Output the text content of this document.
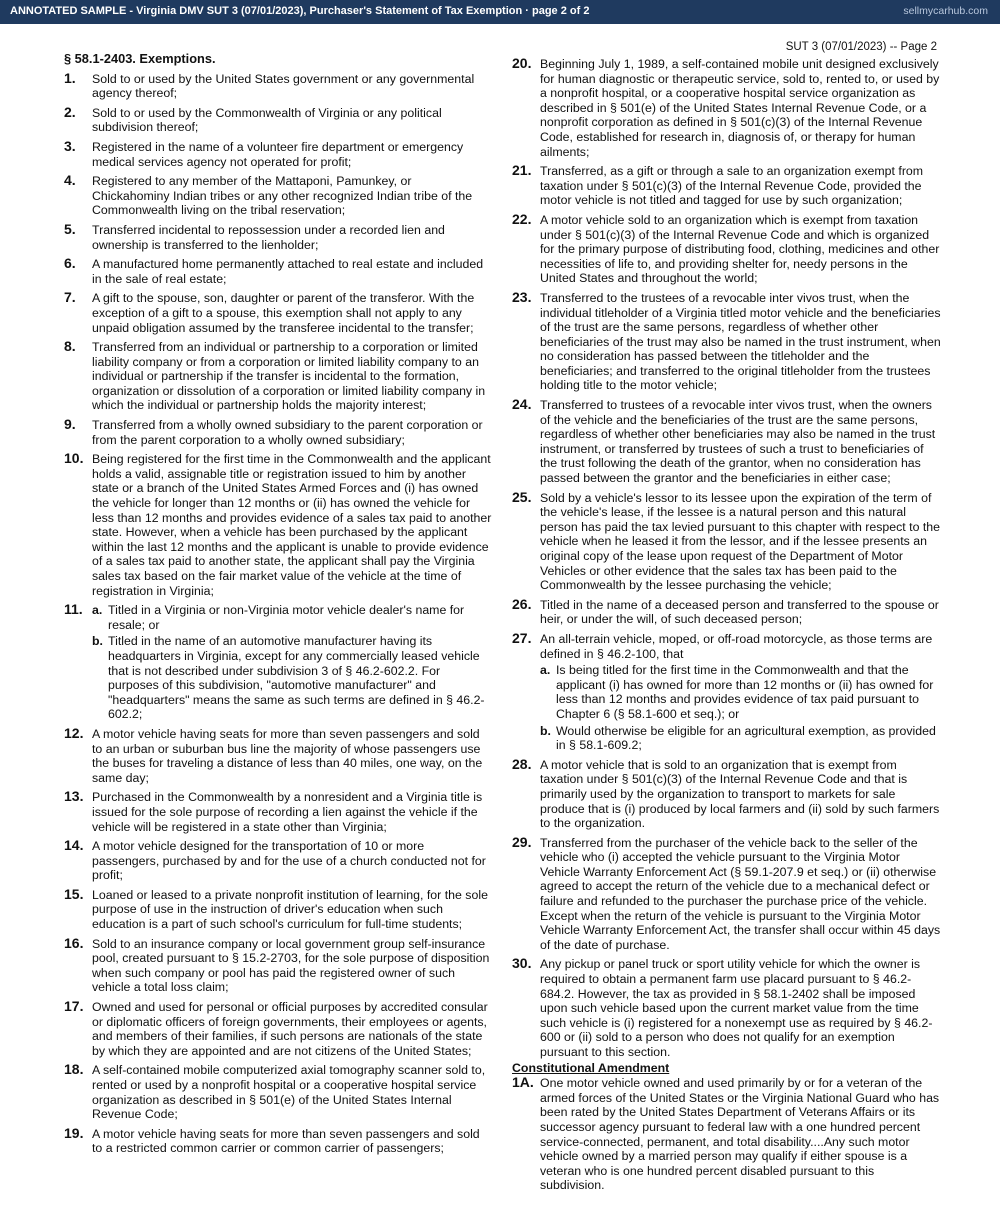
ANNOTATED SAMPLE - Virginia DMV SUT 3 (07/01/2023), Purchaser's Statement of Tax Exemption · page 2 of 2	sellmycarhub.com
SUT 3 (07/01/2023) -- Page 2
§ 58.1-2403. Exemptions.
1. Sold to or used by the United States government or any governmental agency thereof;
2. Sold to or used by the Commonwealth of Virginia or any political subdivision thereof;
3. Registered in the name of a volunteer fire department or emergency medical services agency not operated for profit;
4. Registered to any member of the Mattaponi, Pamunkey, or Chickahominy Indian tribes or any other recognized Indian tribe of the Commonwealth living on the tribal reservation;
5. Transferred incidental to repossession under a recorded lien and ownership is transferred to the lienholder;
6. A manufactured home permanently attached to real estate and included in the sale of real estate;
7. A gift to the spouse, son, daughter or parent of the transferor. With the exception of a gift to a spouse, this exemption shall not apply to any unpaid obligation assumed by the transferee incidental to the transfer;
8. Transferred from an individual or partnership to a corporation or limited liability company or from a corporation or limited liability company to an individual or partnership if the transfer is incidental to the formation, organization or dissolution of a corporation or limited liability company in which the individual or partnership holds the majority interest;
9. Transferred from a wholly owned subsidiary to the parent corporation or from the parent corporation to a wholly owned subsidiary;
10. Being registered for the first time in the Commonwealth and the applicant holds a valid, assignable title or registration issued to him by another state or a branch of the United States Armed Forces and (i) has owned the vehicle for longer than 12 months or (ii) has owned the vehicle for less than 12 months and provides evidence of a sales tax paid to another state. However, when a vehicle has been purchased by the applicant within the last 12 months and the applicant is unable to provide evidence of a sales tax paid to another state, the applicant shall pay the Virginia sales tax based on the fair market value of the vehicle at the time of registration in Virginia;
11. a. Titled in a Virginia or non-Virginia motor vehicle dealer's name for resale; or
b. Titled in the name of an automotive manufacturer having its headquarters in Virginia, except for any commercially leased vehicle that is not described under subdivision 3 of § 46.2-602.2. For purposes of this subdivision, "automotive manufacturer" and "headquarters" means the same as such terms are defined in § 46.2-602.2;
12. A motor vehicle having seats for more than seven passengers and sold to an urban or suburban bus line the majority of whose passengers use the buses for traveling a distance of less than 40 miles, one way, on the same day;
13. Purchased in the Commonwealth by a nonresident and a Virginia title is issued for the sole purpose of recording a lien against the vehicle if the vehicle will be registered in a state other than Virginia;
14. A motor vehicle designed for the transportation of 10 or more passengers, purchased by and for the use of a church conducted not for profit;
15. Loaned or leased to a private nonprofit institution of learning, for the sole purpose of use in the instruction of driver's education when such education is a part of such school's curriculum for full-time students;
16. Sold to an insurance company or local government group self-insurance pool, created pursuant to § 15.2-2703, for the sole purpose of disposition when such company or pool has paid the registered owner of such vehicle a total loss claim;
17. Owned and used for personal or official purposes by accredited consular or diplomatic officers of foreign governments, their employees or agents, and members of their families, if such persons are nationals of the state by which they are appointed and are not citizens of the United States;
18. A self-contained mobile computerized axial tomography scanner sold to, rented or used by a nonprofit hospital or a cooperative hospital service organization as described in § 501(e) of the United States Internal Revenue Code;
19. A motor vehicle having seats for more than seven passengers and sold to a restricted common carrier or common carrier of passengers;
20. Beginning July 1, 1989, a self-contained mobile unit designed exclusively for human diagnostic or therapeutic service, sold to, rented to, or used by a nonprofit hospital, or a cooperative hospital service organization as described in § 501(e) of the United States Internal Revenue Code, or a nonprofit corporation as defined in § 501(c)(3) of the Internal Revenue Code, established for research in, diagnosis of, or therapy for human ailments;
21. Transferred, as a gift or through a sale to an organization exempt from taxation under § 501(c)(3) of the Internal Revenue Code, provided the motor vehicle is not titled and tagged for use by such organization;
22. A motor vehicle sold to an organization which is exempt from taxation under § 501(c)(3) of the Internal Revenue Code and which is organized for the primary purpose of distributing food, clothing, medicines and other necessities of life to, and providing shelter for, needy persons in the United States and throughout the world;
23. Transferred to the trustees of a revocable inter vivos trust, when the individual titleholder of a Virginia titled motor vehicle and the beneficiaries of the trust are the same persons, regardless of whether other beneficiaries of the trust may also be named in the trust instrument, when no consideration has passed between the titleholder and the beneficiaries; and transferred to the original titleholder from the trustees holding title to the motor vehicle;
24. Transferred to trustees of a revocable inter vivos trust, when the owners of the vehicle and the beneficiaries of the trust are the same persons, regardless of whether other beneficiaries may also be named in the trust instrument, or transferred by trustees of such a trust to beneficiaries of the trust following the death of the grantor, when no consideration has passed between the grantor and the beneficiaries in either case;
25. Sold by a vehicle's lessor to its lessee upon the expiration of the term of the vehicle's lease, if the lessee is a natural person and this natural person has paid the tax levied pursuant to this chapter with respect to the vehicle when he leased it from the lessor, and if the lessee presents an original copy of the lease upon request of the Department of Motor Vehicles or other evidence that the sales tax has been paid to the Commonwealth by the lessee purchasing the vehicle;
26. Titled in the name of a deceased person and transferred to the spouse or heir, or under the will, of such deceased person;
27. An all-terrain vehicle, moped, or off-road motorcycle, as those terms are defined in § 46.2-100, that
a. Is being titled for the first time in the Commonwealth and that the applicant (i) has owned for more than 12 months or (ii) has owned for less than 12 months and provides evidence of tax paid pursuant to Chapter 6 (§ 58.1-600 et seq.); or
b. Would otherwise be eligible for an agricultural exemption, as provided in § 58.1-609.2;
28. A motor vehicle that is sold to an organization that is exempt from taxation under § 501(c)(3) of the Internal Revenue Code and that is primarily used by the organization to transport to markets for sale produce that is (i) produced by local farmers and (ii) sold by such farmers to the organization.
29. Transferred from the purchaser of the vehicle back to the seller of the vehicle who (i) accepted the vehicle pursuant to the Virginia Motor Vehicle Warranty Enforcement Act (§ 59.1-207.9 et seq.) or (ii) otherwise agreed to accept the return of the vehicle due to a mechanical defect or failure and refunded to the purchaser the purchase price of the vehicle. Except when the return of the vehicle is pursuant to the Virginia Motor Vehicle Warranty Enforcement Act, the transfer shall occur within 45 days of the date of purchase.
30. Any pickup or panel truck or sport utility vehicle for which the owner is required to obtain a permanent farm use placard pursuant to § 46.2-684.2. However, the tax as provided in § 58.1-2402 shall be imposed upon such vehicle based upon the current market value from the time such vehicle is (i) registered for a nonexempt use as required by § 46.2-600 or (ii) sold to a person who does not qualify for an exemption pursuant to this section.
Constitutional Amendment
1A. One motor vehicle owned and used primarily by or for a veteran of the armed forces of the United States or the Virginia National Guard who has been rated by the United States Department of Veterans Affairs or its successor agency pursuant to federal law with a one hundred percent service-connected, permanent, and total disability....Any such motor vehicle owned by a married person may qualify if either spouse is a veteran who is one hundred percent disabled pursuant to this subdivision.
